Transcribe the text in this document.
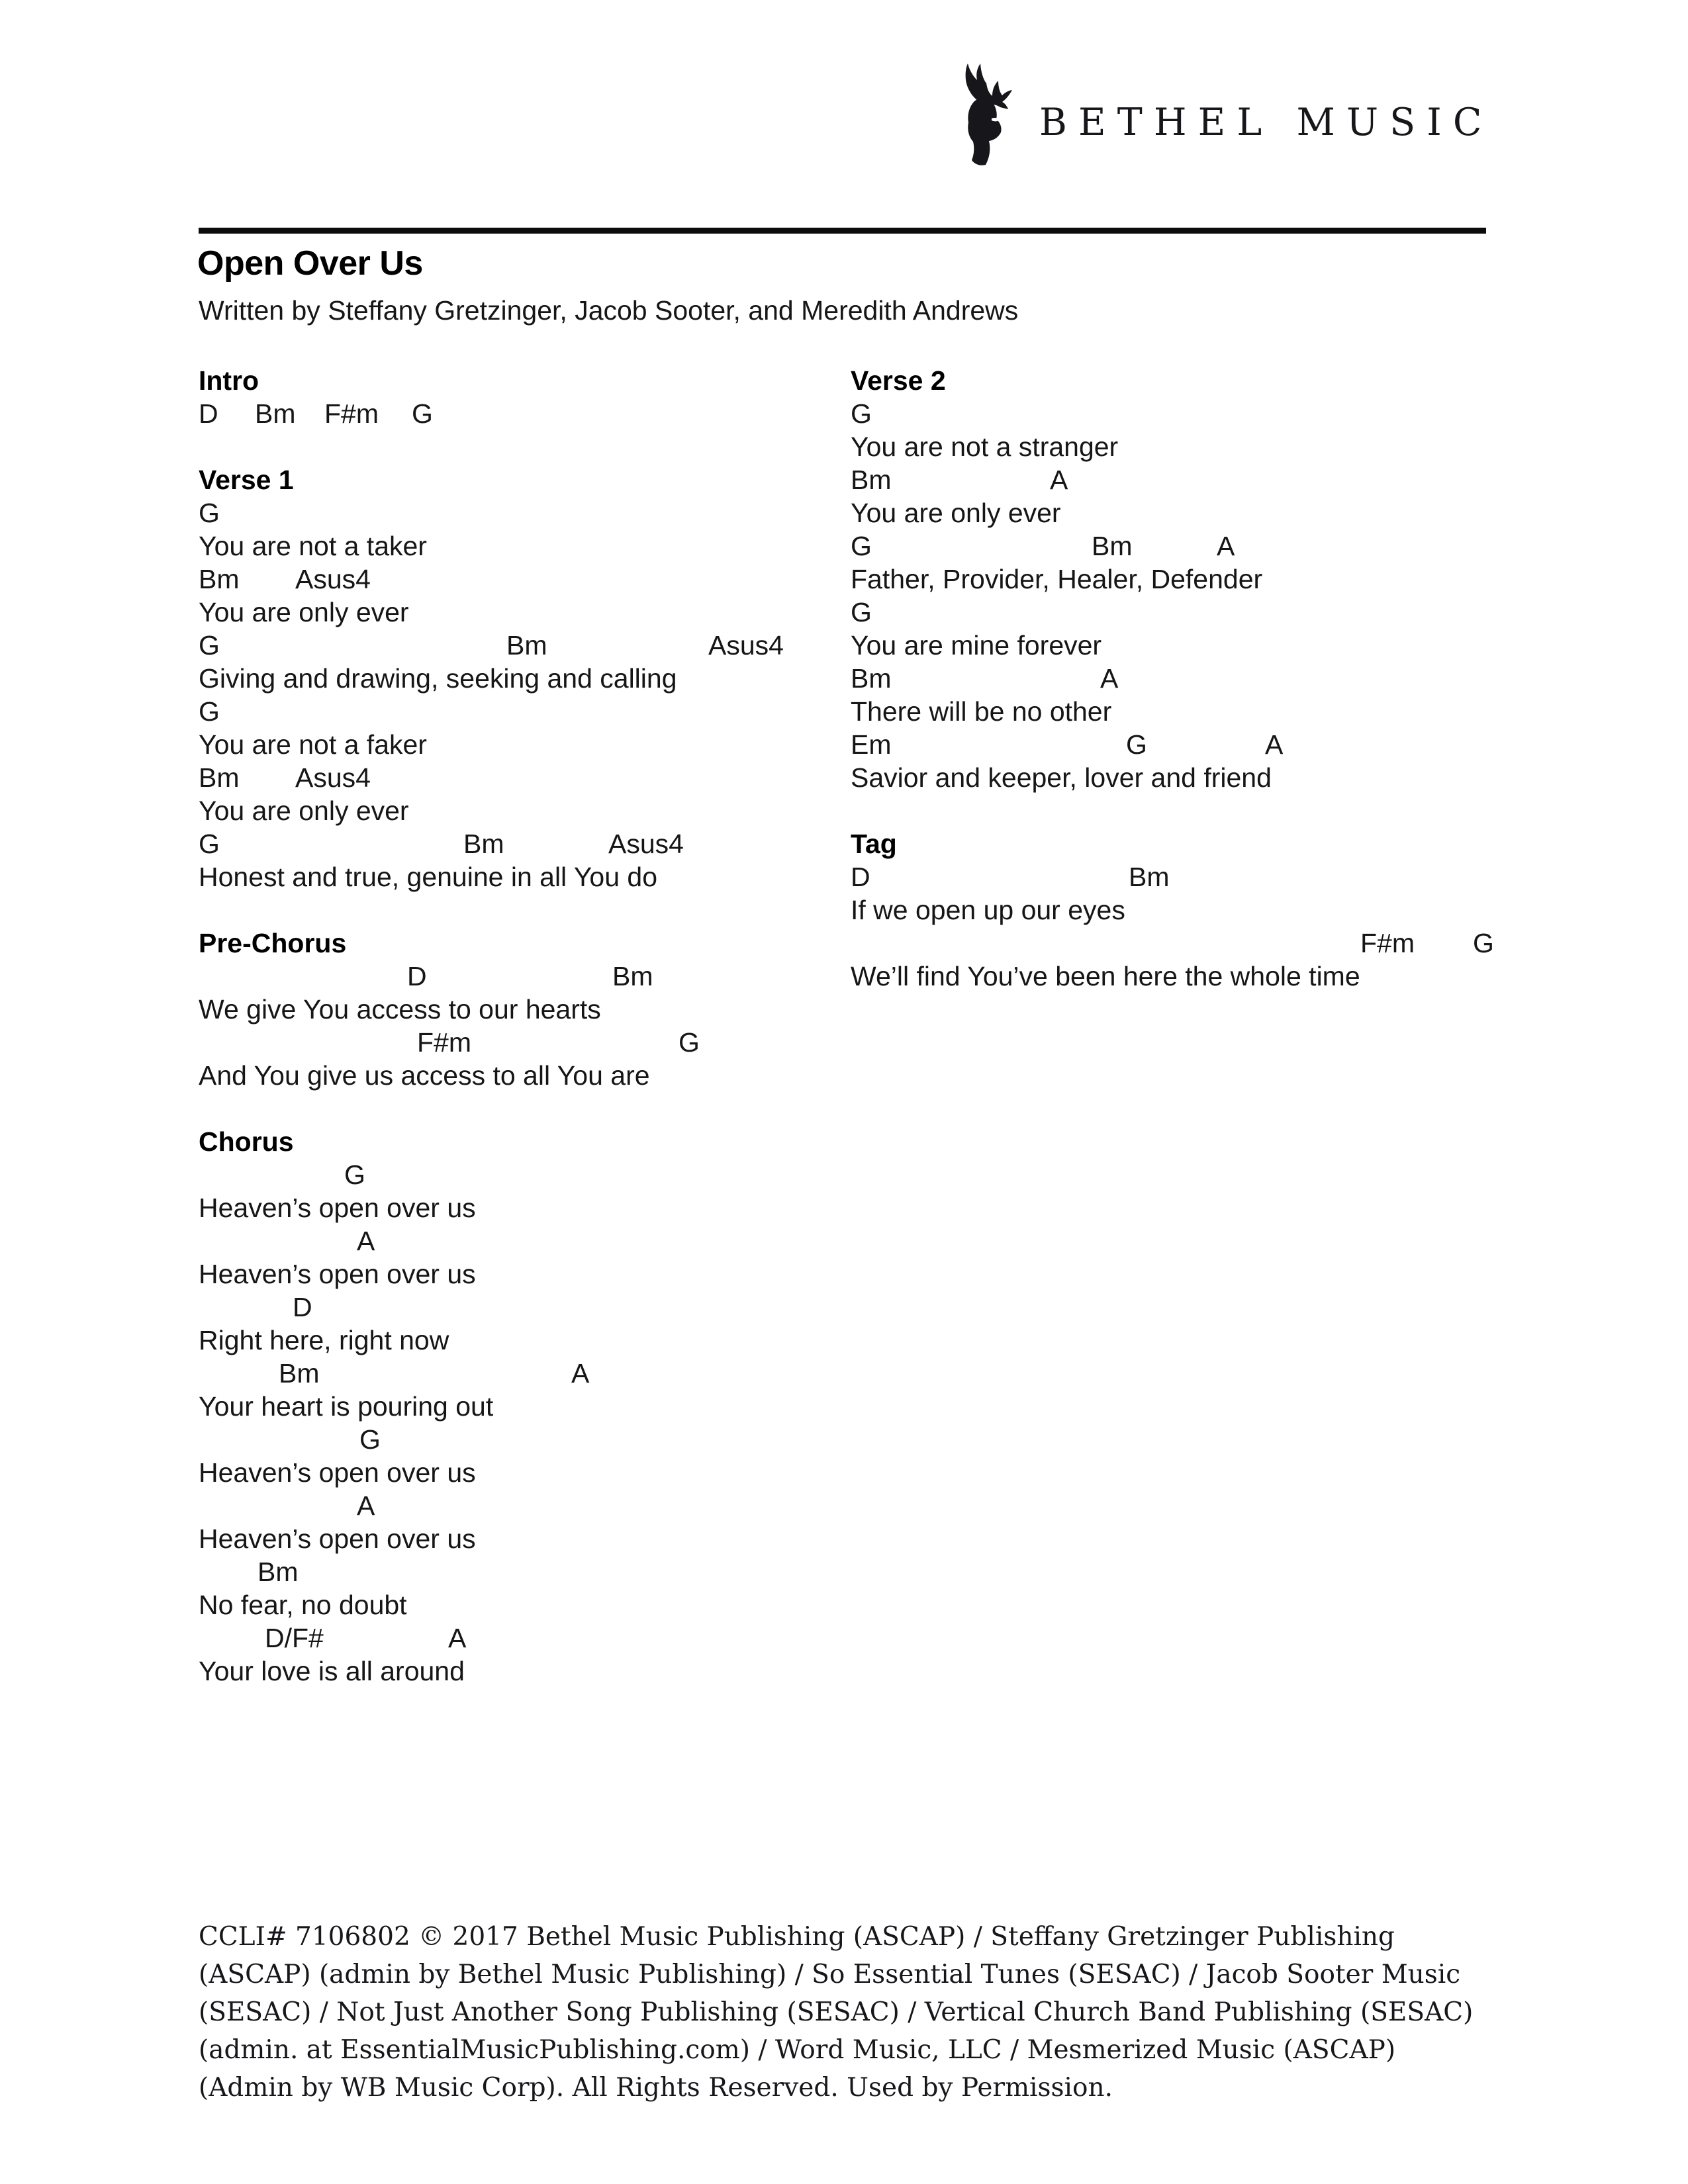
BETHEL MUSIC
Open Over Us
Written by Steffany Gretzinger, Jacob Sooter, and Meredith Andrews
Intro
D Bm F#m G
Verse 1
G
You are not a taker
Bm Asus4
You are only ever
G	Bm	Asus4
Giving and drawing, seeking and calling
G
You are not a faker
Bm Asus4
You are only ever
G	Bm	Asus4
Honest and true, genuine in all You do
Pre-Chorus
D	Bm
We give You access to our hearts
F#m	G
And You give us access to all You are
Chorus
G
Heaven’s open over us
A
Heaven’s open over us
D
Right here, right now
Bm	A
Your heart is pouring out
G
Heaven’s open over us
A
Heaven’s open over us
Bm
No fear, no doubt
D/F#	A
Your love is all around
Verse 2
G
You are not a stranger
Bm	A
You are only ever
G	Bm	A
Father, Provider, Healer, Defender
G
You are mine forever
Bm	A
There will be no other
Em	G	A
Savior and keeper, lover and friend
Tag
D	Bm
If we open up our eyes
F#m G
We’ll find You’ve been here the whole time
CCLI# 7106802 © 2017 Bethel Music Publishing (ASCAP) / Steffany Gretzinger Publishing (ASCAP) (admin by Bethel Music Publishing) / So Essential Tunes (SESAC) / Jacob Sooter Music (SESAC) / Not Just Another Song Publishing (SESAC) / Vertical Church Band Publishing (SESAC) (admin. at EssentialMusicPublishing.com) / Word Music, LLC / Mesmerized Music (ASCAP) (Admin by WB Music Corp). All Rights Reserved. Used by Permission.
